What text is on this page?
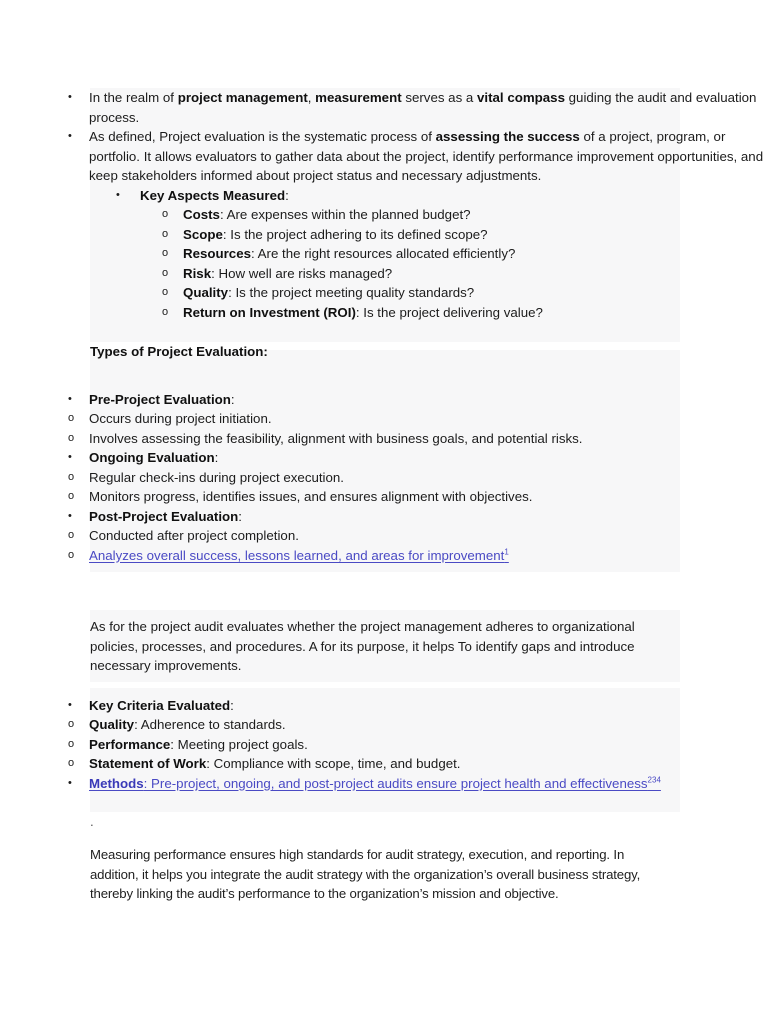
•	In the realm of project management, measurement serves as a vital compass guiding the audit and evaluation process.
•	As defined, Project evaluation is the systematic process of assessing the success of a project, program, or portfolio. It allows evaluators to gather data about the project, identify performance improvement opportunities, and keep stakeholders informed about project status and necessary adjustments.
•	Key Aspects Measured:
o	Costs: Are expenses within the planned budget?
o	Scope: Is the project adhering to its defined scope?
o	Resources: Are the right resources allocated efficiently?
o	Risk: How well are risks managed?
o	Quality: Is the project meeting quality standards?
o	Return on Investment (ROI): Is the project delivering value?
Types of Project Evaluation:
•	Pre-Project Evaluation:
o	Occurs during project initiation.
o	Involves assessing the feasibility, alignment with business goals, and potential risks.
•	Ongoing Evaluation:
o	Regular check-ins during project execution.
o	Monitors progress, identifies issues, and ensures alignment with objectives.
•	Post-Project Evaluation:
o	Conducted after project completion.
o	Analyzes overall success, lessons learned, and areas for improvement$^1$
As for the project audit evaluates whether the project management adheres to organizational policies, processes, and procedures. A for its purpose, it helps To identify gaps and introduce necessary improvements.
•	Key Criteria Evaluated:
o	Quality: Adherence to standards.
o	Performance: Meeting project goals.
o	Statement of Work: Compliance with scope, time, and budget.
•	Methods: Pre-project, ongoing, and post-project audits ensure project health and effectiveness$^{234}$
.
Measuring performance ensures high standards for audit strategy, execution, and reporting. In addition, it helps you integrate the audit strategy with the organization’s overall business strategy, thereby linking the audit’s performance to the organization’s mission and objective.
